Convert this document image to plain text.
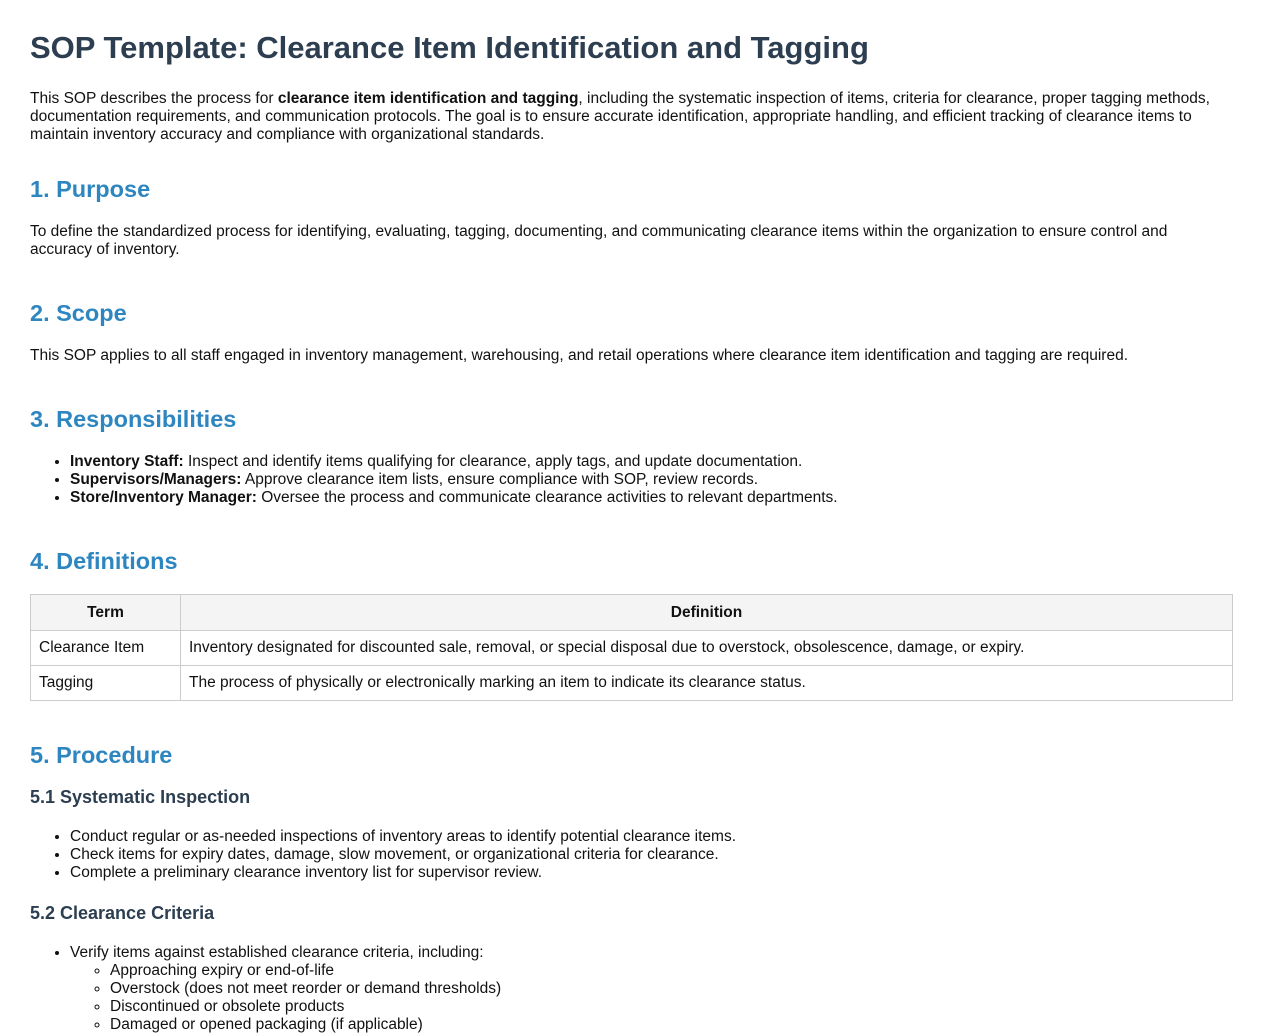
SOP Template: Clearance Item Identification and Tagging

This SOP describes the process for clearance item identification and tagging, including the systematic inspection of items, criteria for clearance, proper tagging methods, documentation requirements, and communication protocols. The goal is to ensure accurate identification, appropriate handling, and efficient tracking of clearance items to maintain inventory accuracy and compliance with organizational standards.

1. Purpose

To define the standardized process for identifying, evaluating, tagging, documenting, and communicating clearance items within the organization to ensure control and accuracy of inventory.

2. Scope

This SOP applies to all staff engaged in inventory management, warehousing, and retail operations where clearance item identification and tagging are required.

3. Responsibilities
• Inventory Staff: Inspect and identify items qualifying for clearance, apply tags, and update documentation.
• Supervisors/Managers: Approve clearance item lists, ensure compliance with SOP, review records.
• Store/Inventory Manager: Oversee the process and communicate clearance activities to relevant departments.
4. Definitions
Term	Definition
Clearance Item	Inventory designated for discounted sale, removal, or special disposal due to overstock, obsolescence, damage, or expiry.
Tagging	The process of physically or electronically marking an item to indicate its clearance status.
5. Procedure
5.1 Systematic Inspection
• Conduct regular or as-needed inspections of inventory areas to identify potential clearance items.
• Check items for expiry dates, damage, slow movement, or organizational criteria for clearance.
• Complete a preliminary clearance inventory list for supervisor review.
5.2 Clearance Criteria
• Verify items against established clearance criteria, including:
◦ Approaching expiry or end-of-life
◦ Overstock (does not meet reorder or demand thresholds)
◦ Discontinued or obsolete products
◦ Damaged or opened packaging (if applicable)
